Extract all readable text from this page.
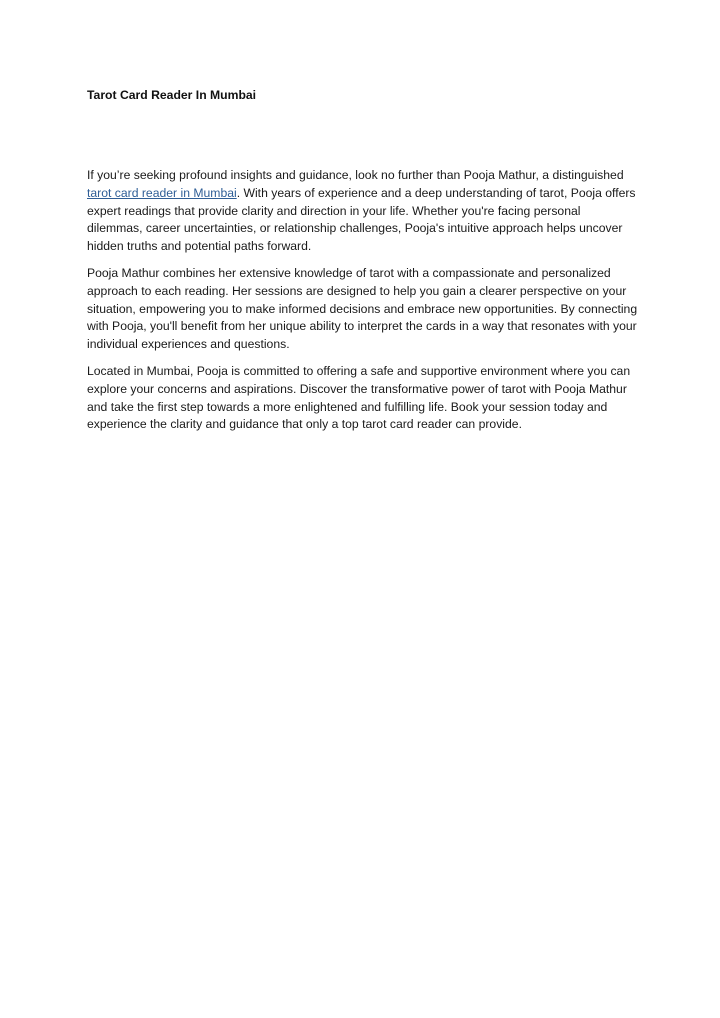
Tarot Card Reader In Mumbai

If you’re seeking profound insights and guidance, look no further than Pooja Mathur, a distinguished tarot card reader in Mumbai. With years of experience and a deep understanding of tarot, Pooja offers expert readings that provide clarity and direction in your life. Whether you're facing personal dilemmas, career uncertainties, or relationship challenges, Pooja's intuitive approach helps uncover hidden truths and potential paths forward.

Pooja Mathur combines her extensive knowledge of tarot with a compassionate and personalized approach to each reading. Her sessions are designed to help you gain a clearer perspective on your situation, empowering you to make informed decisions and embrace new opportunities. By connecting with Pooja, you'll benefit from her unique ability to interpret the cards in a way that resonates with your individual experiences and questions.

Located in Mumbai, Pooja is committed to offering a safe and supportive environment where you can explore your concerns and aspirations. Discover the transformative power of tarot with Pooja Mathur and take the first step towards a more enlightened and fulfilling life. Book your session today and experience the clarity and guidance that only a top tarot card reader can provide.
